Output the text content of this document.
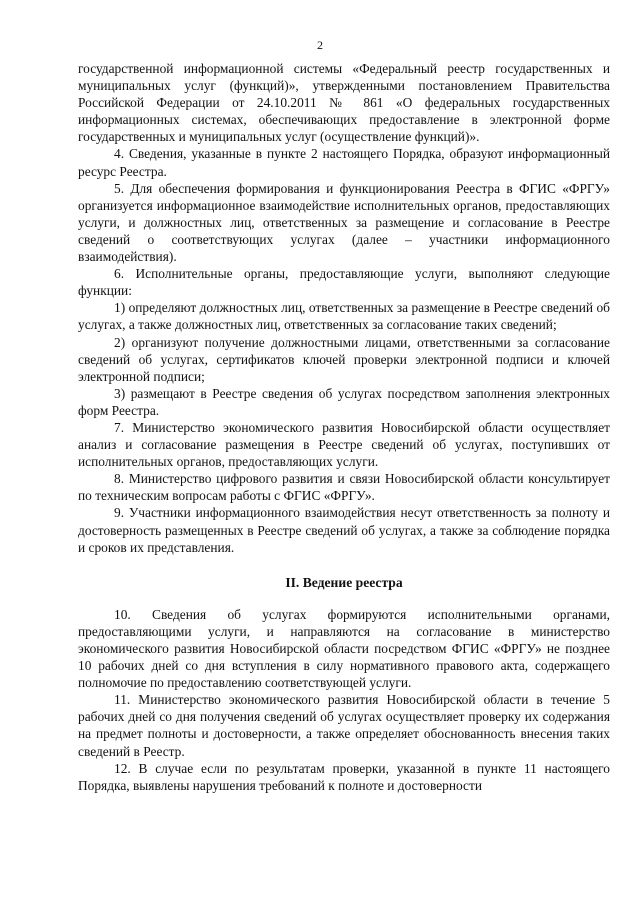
2

государственной информационной системы «Федеральный реестр государственных и муниципальных услуг (функций)», утвержденными постановлением Правительства Российской Федерации от 24.10.2011 № 861 «О федеральных государственных информационных системах, обеспечивающих предоставление в электронной форме государственных и муниципальных услуг (осуществление функций)».

4. Сведения, указанные в пункте 2 настоящего Порядка, образуют информационный ресурс Реестра.

5. Для обеспечения формирования и функционирования Реестра в ФГИС «ФРГУ» организуется информационное взаимодействие исполнительных органов, предоставляющих услуги, и должностных лиц, ответственных за размещение и согласование в Реестре сведений о соответствующих услугах (далее – участники информационного взаимодействия).

6. Исполнительные органы, предоставляющие услуги, выполняют следующие функции:

1) определяют должностных лиц, ответственных за размещение в Реестре сведений об услугах, а также должностных лиц, ответственных за согласование таких сведений;

2) организуют получение должностными лицами, ответственными за согласование сведений об услугах, сертификатов ключей проверки электронной подписи и ключей электронной подписи;

3) размещают в Реестре сведения об услугах посредством заполнения электронных форм Реестра.

7. Министерство экономического развития Новосибирской области осуществляет анализ и согласование размещения в Реестре сведений об услугах, поступивших от исполнительных органов, предоставляющих услуги.

8. Министерство цифрового развития и связи Новосибирской области консультирует по техническим вопросам работы с ФГИС «ФРГУ».

9. Участники информационного взаимодействия несут ответственность за полноту и достоверность размещенных в Реестре сведений об услугах, а также за соблюдение порядка и сроков их представления.

II. Ведение реестра

10. Сведения об услугах формируются исполнительными органами, предоставляющими услуги, и направляются на согласование в министерство экономического развития Новосибирской области посредством ФГИС «ФРГУ» не позднее 10 рабочих дней со дня вступления в силу нормативного правового акта, содержащего полномочие по предоставлению соответствующей услуги.

11. Министерство экономического развития Новосибирской области в течение 5 рабочих дней со дня получения сведений об услугах осуществляет проверку их содержания на предмет полноты и достоверности, а также определяет обоснованность внесения таких сведений в Реестр.

12. В случае если по результатам проверки, указанной в пункте 11 настоящего Порядка, выявлены нарушения требований к полноте и достоверности
